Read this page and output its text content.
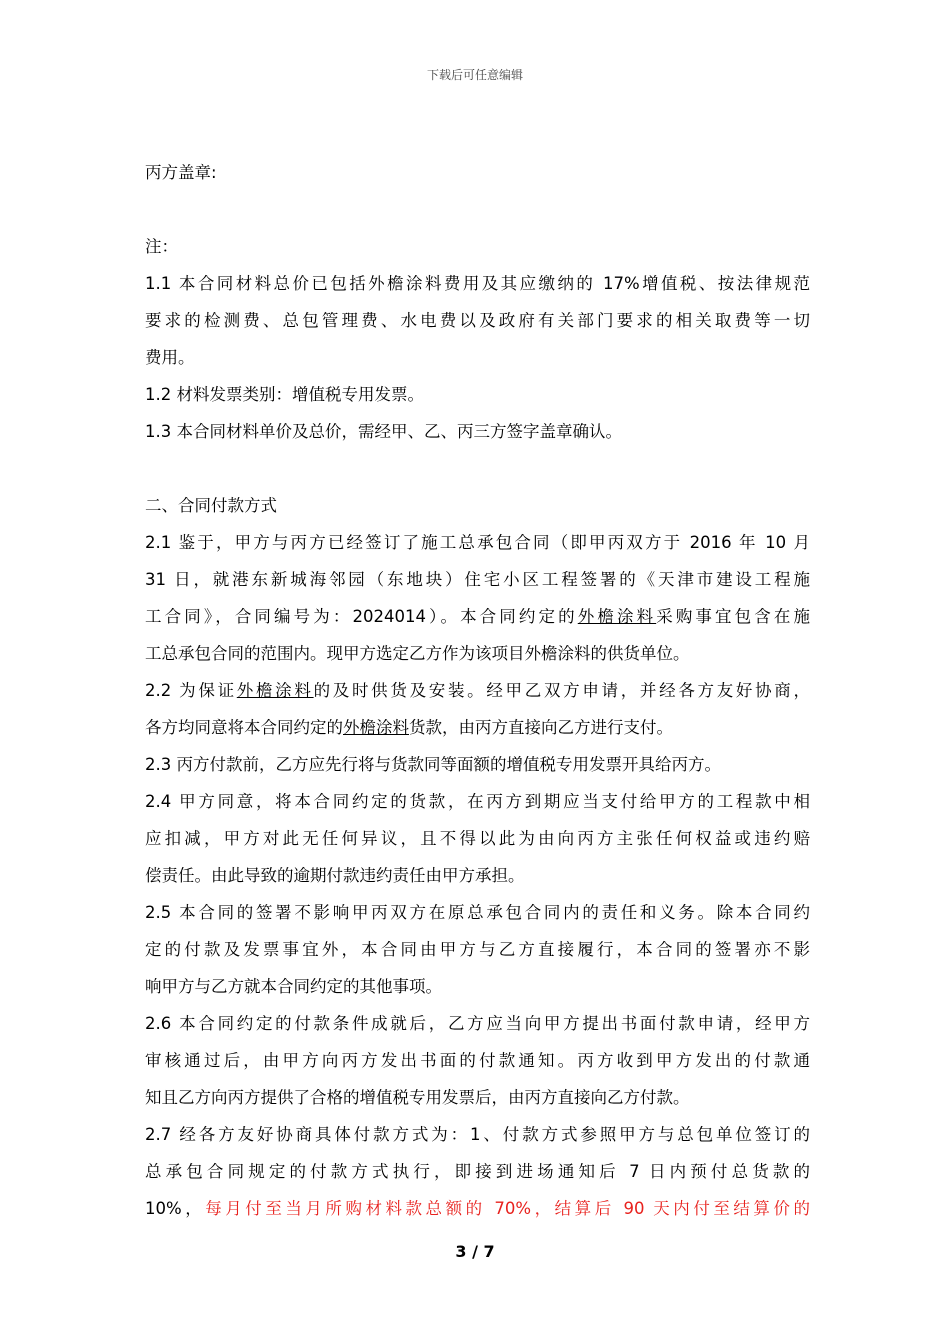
下载后可任意编辑
丙方盖章:
注：
1.1 本合同材料总价已包括外檐涂料费用及其应缴纳的 17%增值税、按法律规范
要求的检测费、总包管理费、水电费以及政府有关部门要求的相关取费等一切
费用。
1.2 材料发票类别：增值税专用发票。
1.3 本合同材料单价及总价，需经甲、乙、丙三方签字盖章确认。
二、合同付款方式
2.1 鉴于，甲方与丙方已经签订了施工总承包合同（即甲丙双方于 2016 年 10 月
31 日，就港东新城海邻园（东地块）住宅小区工程签署的《天津市建设工程施
工合同》，合同编号为：2024014）。本合同约定的外檐涂料采购事宜包含在施
工总承包合同的范围内。现甲方选定乙方作为该项目外檐涂料的供货单位。
2.2 为保证外檐涂料的及时供货及安装。经甲乙双方申请，并经各方友好协商，
各方均同意将本合同约定的外檐涂料货款，由丙方直接向乙方进行支付。
2.3 丙方付款前，乙方应先行将与货款同等面额的增值税专用发票开具给丙方。
2.4 甲方同意，将本合同约定的货款，在丙方到期应当支付给甲方的工程款中相
应扣减，甲方对此无任何异议，且不得以此为由向丙方主张任何权益或违约赔
偿责任。由此导致的逾期付款违约责任由甲方承担。
2.5 本合同的签署不影响甲丙双方在原总承包合同内的责任和义务。除本合同约
定的付款及发票事宜外，本合同由甲方与乙方直接履行，本合同的签署亦不影
响甲方与乙方就本合同约定的其他事项。
2.6 本合同约定的付款条件成就后，乙方应当向甲方提出书面付款申请，经甲方
审核通过后，由甲方向丙方发出书面的付款通知。丙方收到甲方发出的付款通
知且乙方向丙方提供了合格的增值税专用发票后，由丙方直接向乙方付款。
2.7 经各方友好协商具体付款方式为：1、付款方式参照甲方与总包单位签订的
总承包合同规定的付款方式执行，即接到进场通知后 7 日内预付总货款的
10%，每月付至当月所购材料款总额的 70%，结算后 90 天内付至结算价的
3 / 7
